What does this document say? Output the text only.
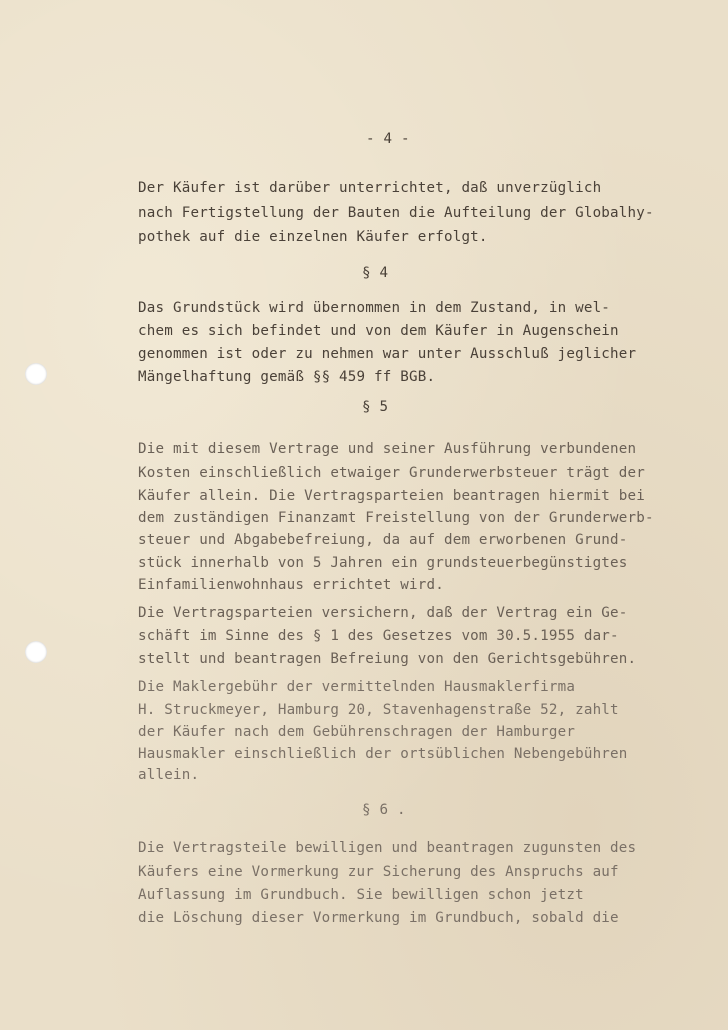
- 4 -
Der Käufer ist darüber unterrichtet, daß unverzüglich
nach Fertigstellung der Bauten die Aufteilung der Globalhy-
pothek auf die einzelnen Käufer erfolgt.
§ 4
Das Grundstück wird übernommen in dem Zustand, in wel-
chem es sich befindet und von dem Käufer in Augenschein
genommen ist oder zu nehmen war unter Ausschluß jeglicher
Mängelhaftung gemäß §§ 459 ff BGB.
§ 5
Die mit diesem Vertrage und seiner Ausführung verbundenen
Kosten einschließlich etwaiger Grunderwerbsteuer trägt der
Käufer allein. Die Vertragsparteien beantragen hiermit bei
dem zuständigen Finanzamt Freistellung von der Grunderwerb-
steuer und Abgabebefreiung, da auf dem erworbenen Grund-
stück innerhalb von 5 Jahren ein grundsteuerbegünstigtes
Einfamilienwohnhaus errichtet wird.
Die Vertragsparteien versichern, daß der Vertrag ein Ge-
schäft im Sinne des § 1 des Gesetzes vom 30.5.1955 dar-
stellt und beantragen Befreiung von den Gerichtsgebühren.
Die Maklergebühr der vermittelnden Hausmaklerfirma
H. Struckmeyer, Hamburg 20, Stavenhagenstraße 52, zahlt
der Käufer nach dem Gebührenschragen der Hamburger
Hausmakler einschließlich der ortsüblichen Nebengebühren
allein.
§ 6 .
Die Vertragsteile bewilligen und beantragen zugunsten des
Käufers eine Vormerkung zur Sicherung des Anspruchs auf
Auflassung im Grundbuch. Sie bewilligen schon jetzt
die Löschung dieser Vormerkung im Grundbuch, sobald die
